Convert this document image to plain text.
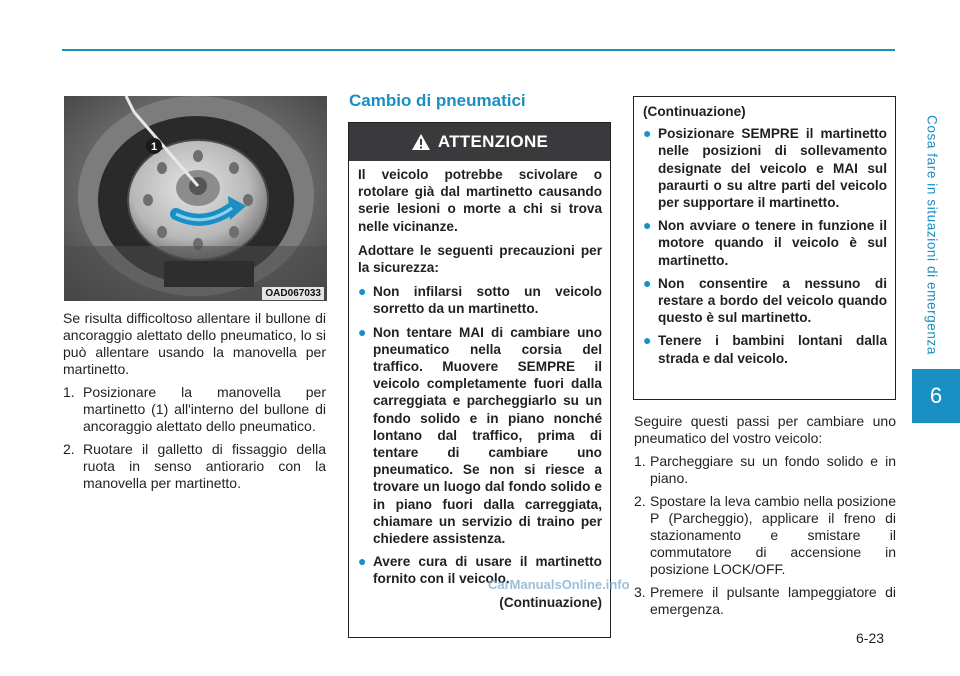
Cosa fare in situazioni di emergenza
6
1
OAD067033

Se risulta difficoltoso allentare il bullone di ancoraggio alettato dello pneumatico, lo si può allentare usando la manovella per martinetto.

1. Posizionare la manovella per martinetto (1) all'interno del bullone di ancoraggio alettato dello pneumatico.
2. Ruotare il galletto di fissaggio della ruota in senso antiorario con la manovella per martinetto.
Cambio di pneumatici
ATTENZIONE

Il veicolo potrebbe scivolare o rotolare già dal martinetto causando serie lesioni o morte a chi si trova nelle vicinanze.

Adottare le seguenti precauzioni per la sicurezza:

● Non infilarsi sotto un veicolo sorretto da un martinetto.
● Non tentare MAI di cambiare uno pneumatico nella corsia del traffico. Muovere SEMPRE il veicolo completamente fuori dalla carreggiata e parcheggiarlo su un fondo solido e in piano nonché lontano dal traffico, prima di tentare di cambiare uno pneumatico. Se non si riesce a trovare un luogo dal fondo solido e in piano fuori dalla carreggiata, chiamare un servizio di traino per chiedere assistenza.
● Avere cura di usare il martinetto fornito con il veicolo.
(Continuazione)
(Continuazione)
● Posizionare SEMPRE il martinetto nelle posizioni di sollevamento designate del veicolo e MAI sul paraurti o su altre parti del veicolo per supportare il martinetto.
● Non avviare o tenere in funzione il motore quando il veicolo è sul martinetto.
● Non consentire a nessuno di restare a bordo del veicolo quando questo è sul martinetto.
● Tenere i bambini lontani dalla strada e dal veicolo.

Seguire questi passi per cambiare uno pneumatico del vostro veicolo:

1. Parcheggiare su un fondo solido e in piano.
2. Spostare la leva cambio nella posizione P (Parcheggio), applicare il freno di stazionamento e smistare il commutatore di accensione in posizione LOCK/OFF.
3. Premere il pulsante lampeggiatore di emergenza.
6-23
CarManualsOnline.info
